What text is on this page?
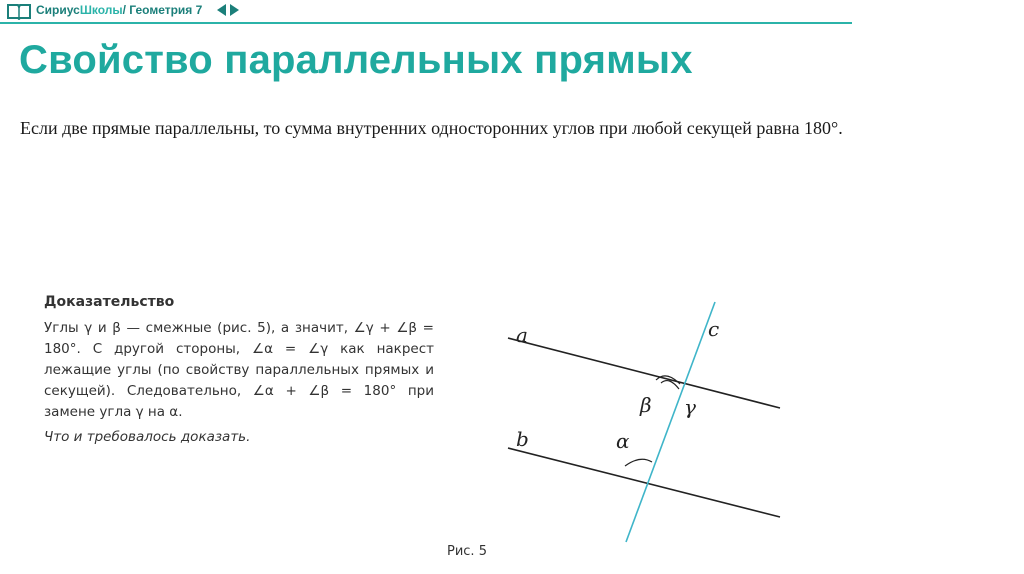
СириусШколы/ Геометрия 7
Свойство параллельных прямых
Если две прямые параллельны, то сумма внутренних односторонних углов при любой секущей равна 180°.

Доказательство

Углы γ и β — смежные (рис. 5), а значит, ∠γ + ∠β = 180°. С другой стороны, ∠α = ∠γ как накрест лежащие углы (по свойству параллельных прямых и секущей). Следовательно, ∠α + ∠β = 180° при замене угла γ на α.

Что и требовалось доказать.

a
b
c
β γ
α
Рис. 5
